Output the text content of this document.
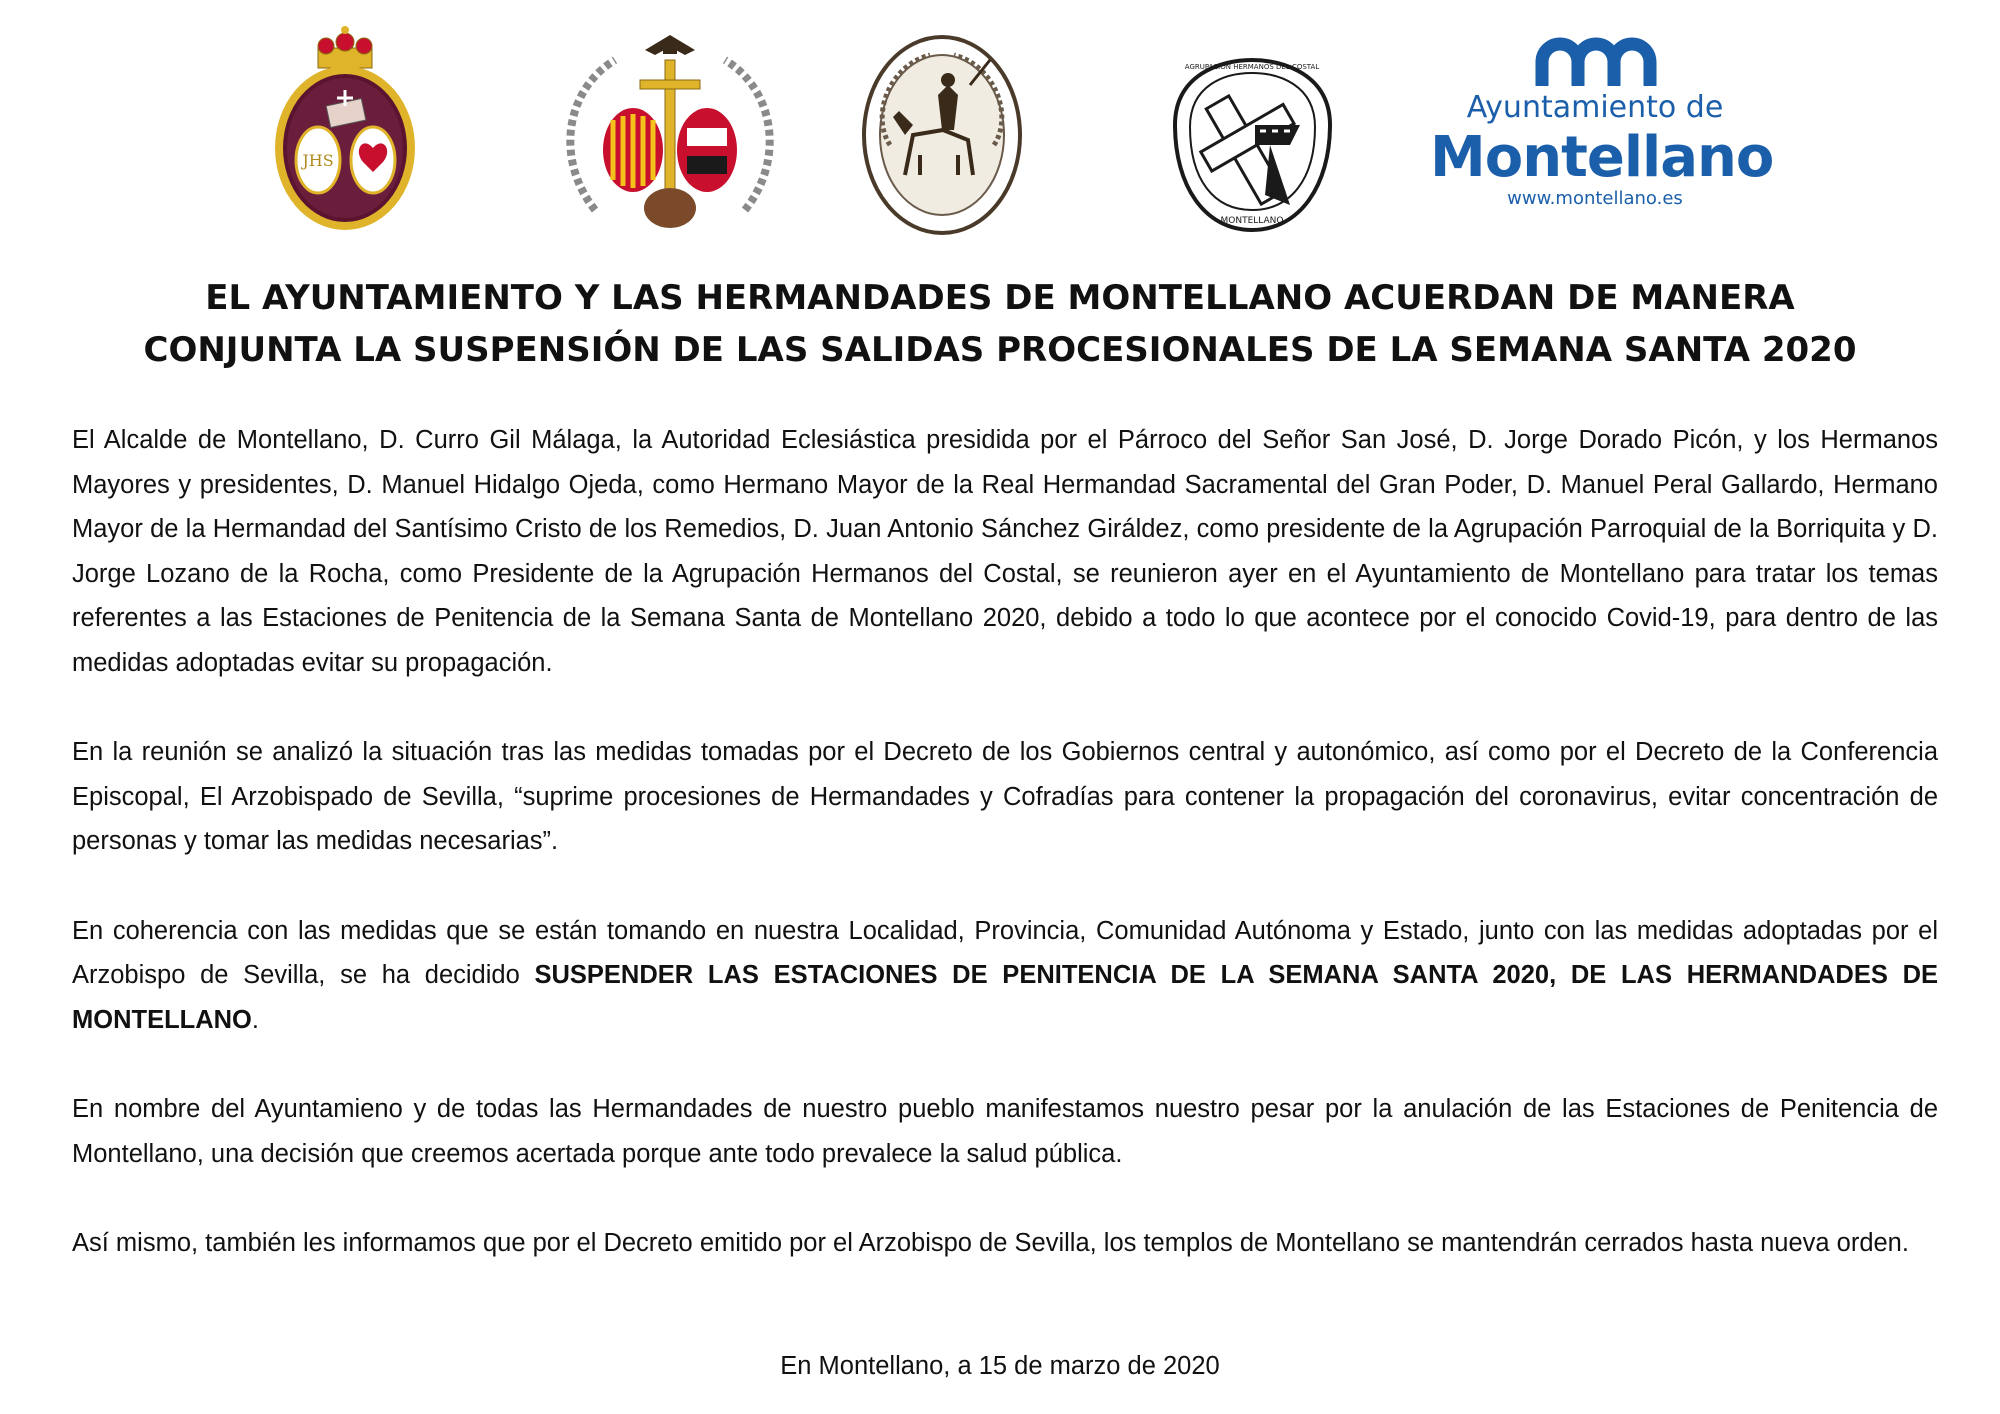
JHS
MONTELLANO
AGRUPACIÓN HERMANOS DEL COSTAL
Ayuntamiento de
Montellano
www.montellano.es
EL AYUNTAMIENTO Y LAS HERMANDADES DE MONTELLANO ACUERDAN DE MANERA
CONJUNTA LA SUSPENSIÓN DE LAS SALIDAS PROCESIONALES DE LA SEMANA SANTA 2020

El Alcalde de Montellano, D. Curro Gil Málaga, la Autoridad Eclesiástica presidida por el Párroco del Señor San José, D. Jorge Dorado Picón, y los Hermanos Mayores y presidentes, D. Manuel Hidalgo Ojeda, como Hermano Mayor de la Real Hermandad Sacramental del Gran Poder, D. Manuel Peral Gallardo, Hermano Mayor de la Hermandad del Santísimo Cristo de los Remedios, D. Juan Antonio Sánchez Giráldez, como presidente de la Agrupación Parroquial de la Borriquita y D. Jorge Lozano de la Rocha, como Presidente de la Agrupación Hermanos del Costal, se reunieron ayer en el Ayuntamiento de Montellano para tratar los temas referentes a las Estaciones de Penitencia de la Semana Santa de Montellano 2020, debido a todo lo que acontece por el conocido Covid-19, para dentro de las medidas adoptadas evitar su propagación.

En la reunión se analizó la situación tras las medidas tomadas por el Decreto de los Gobiernos central y autonómico, así como por el Decreto de la Conferencia Episcopal, El Arzobispado de Sevilla, “suprime procesiones de Hermandades y Cofradías para contener la propagación del coronavirus, evitar concentración de personas y tomar las medidas necesarias”.

En coherencia con las medidas que se están tomando en nuestra Localidad, Provincia, Comunidad Autónoma y Estado, junto con las medidas adoptadas por el Arzobispo de Sevilla, se ha decidido SUSPENDER LAS ESTACIONES DE PENITENCIA DE LA SEMANA SANTA 2020, DE LAS HERMANDADES DE MONTELLANO.

En nombre del Ayuntamieno y de todas las Hermandades de nuestro pueblo manifestamos nuestro pesar por la anulación de las Estaciones de Penitencia de Montellano, una decisión que creemos acertada porque ante todo prevalece la salud pública.

Así mismo, también les informamos que por el Decreto emitido por el Arzobispo de Sevilla, los templos de Montellano se mantendrán cerrados hasta nueva orden.

En Montellano, a 15 de marzo de 2020
